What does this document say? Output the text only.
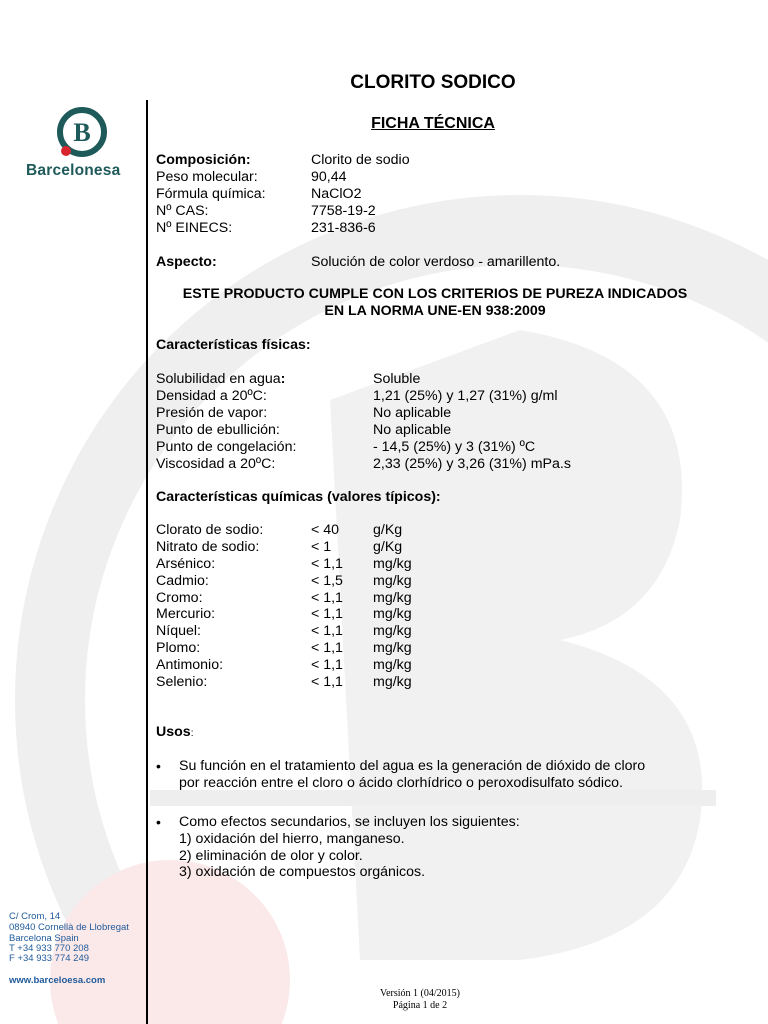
B
Barcelonesa
CLORITO SODICO
FICHA TÉCNICA
Composición:	Clorito de sodio
Peso molecular:	90,44
Fórmula química:	NaClO2
Nº CAS:	7758-19-2
Nº EINECS:	231-836-6
Aspecto:	Solución de color verdoso - amarillento.
ESTE PRODUCTO CUMPLE CON LOS CRITERIOS DE PUREZA INDICADOS
EN LA NORMA UNE-EN 938:2009
Características físicas:
Solubilidad en agua:	Soluble
Densidad a 20ºC:	1,21 (25%) y 1,27 (31%) g/ml
Presión de vapor:	No aplicable
Punto de ebullición:	No aplicable
Punto de congelación:	- 14,5 (25%) y 3 (31%) ºC
Viscosidad a 20ºC:	2,33 (25%) y 3,26 (31%) mPa.s
Características químicas (valores típicos):
Clorato de sodio:	< 40 g/Kg
Nitrato de sodio:	< 1	g/Kg
Arsénico:	< 1,1 mg/kg
Cadmio:	< 1,5 mg/kg
Cromo:	< 1,1 mg/kg
Mercurio:	< 1,1 mg/kg
Níquel:	< 1,1 mg/kg
Plomo:	< 1,1 mg/kg
Antimonio:	< 1,1 mg/kg
Selenio:	< 1,1 mg/kg
Usos:
• Su función en el tratamiento del agua es la generación de dióxido de cloro
por reacción entre el cloro o ácido clorhídrico o peroxodisulfato sódico.
• Como efectos secundarios, se incluyen los siguientes:
1) oxidación del hierro, manganeso.
2) eliminación de olor y color.
3) oxidación de compuestos orgánicos.
C/ Crom, 14
08940 Cornellà de Llobregat
Barcelona Spain
T +34 933 770 208
F +34 933 774 249
www.barceloesa.com
Versión 1 (04/2015)
Página 1 de 2
